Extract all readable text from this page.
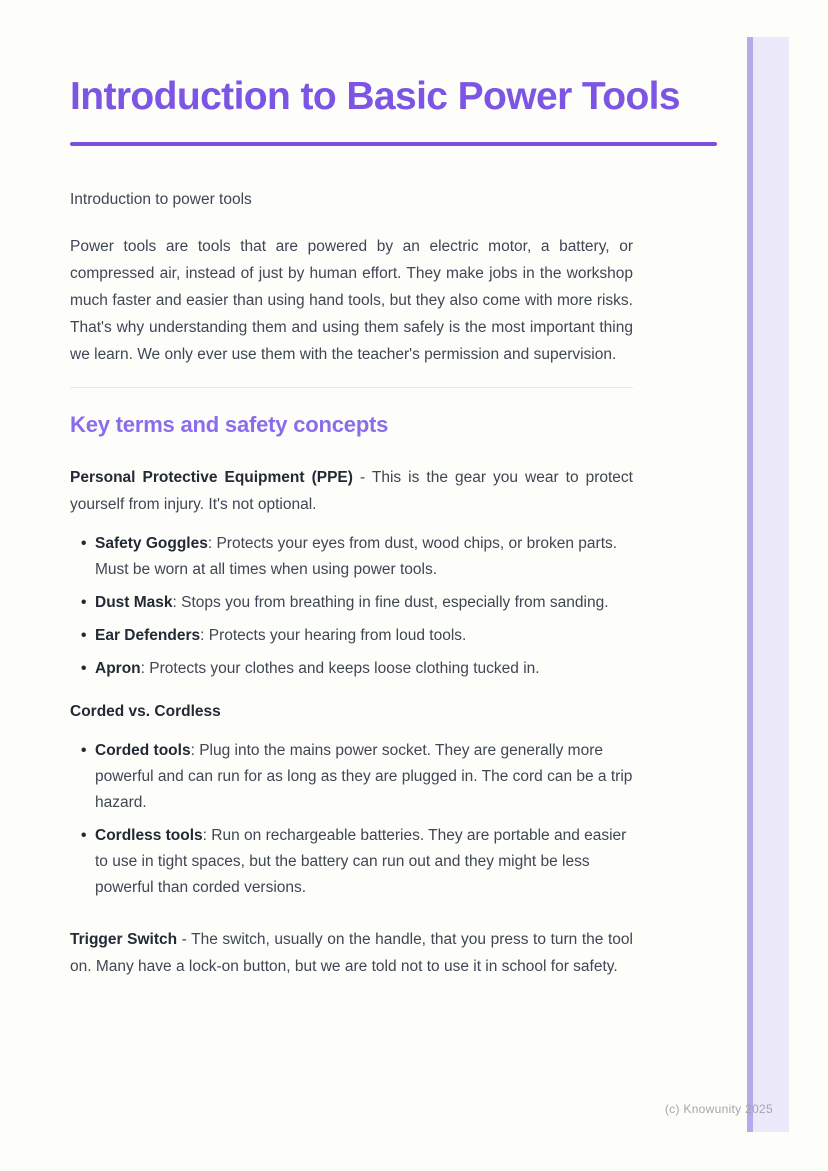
Introduction to Basic Power Tools

Introduction to power tools

Power tools are tools that are powered by an electric motor, a battery, or compressed air, instead of just by human effort. They make jobs in the workshop much faster and easier than using hand tools, but they also come with more risks. That's why understanding them and using them safely is the most important thing we learn. We only ever use them with the teacher's permission and supervision.

Key terms and safety concepts

Personal Protective Equipment (PPE) - This is the gear you wear to protect yourself from injury. It's not optional.

• Safety Goggles: Protects your eyes from dust, wood chips, or broken parts. Must be worn at all times when using power tools.
• Dust Mask: Stops you from breathing in fine dust, especially from sanding.
• Ear Defenders: Protects your hearing from loud tools.
• Apron: Protects your clothes and keeps loose clothing tucked in.
Corded vs. Cordless
• Corded tools: Plug into the mains power socket. They are generally more powerful and can run for as long as they are plugged in. The cord can be a trip hazard.
• Cordless tools: Run on rechargeable batteries. They are portable and easier to use in tight spaces, but the battery can run out and they might be less powerful than corded versions.

Trigger Switch - The switch, usually on the handle, that you press to turn the tool on. Many have a lock-on button, but we are told not to use it in school for safety.

(c) Knowunity 2025
